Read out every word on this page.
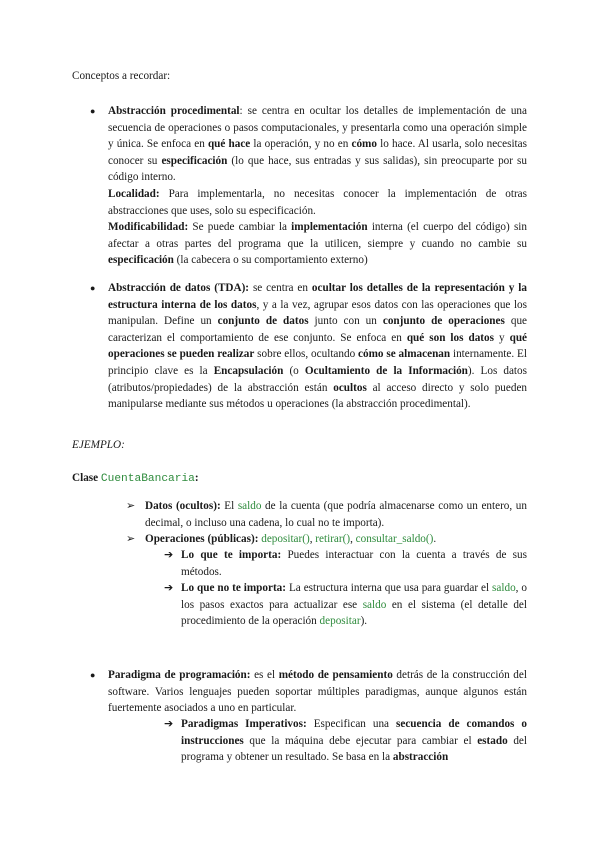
Conceptos a recordar:

● Abstracción procedimental: se centra en ocultar los detalles de implementación de una secuencia de operaciones o pasos computacionales, y presentarla como una operación simple y única. Se enfoca en qué hace la operación, y no en cómo lo hace. Al usarla, solo necesitas conocer su especificación (lo que hace, sus entradas y sus salidas), sin preocuparte por su código interno.

Localidad: Para implementarla, no necesitas conocer la implementación de otras abstracciones que uses, solo su especificación.

Modificabilidad: Se puede cambiar la implementación interna (el cuerpo del código) sin afectar a otras partes del programa que la utilicen, siempre y cuando no cambie su especificación (la cabecera o su comportamiento externo)

● Abstracción de datos (TDA): se centra en ocultar los detalles de la representación y la estructura interna de los datos, y a la vez, agrupar esos datos con las operaciones que los manipulan. Define un conjunto de datos junto con un conjunto de operaciones que caracterizan el comportamiento de ese conjunto. Se enfoca en qué son los datos y qué operaciones se pueden realizar sobre ellos, ocultando cómo se almacenan internamente. El principio clave es la Encapsulación (o Ocultamiento de la Información). Los datos (atributos/propiedades) de la abstracción están ocultos al acceso directo y solo pueden manipularse mediante sus métodos u operaciones (la abstracción procedimental).

EJEMPLO:

Clase CuentaBancaria:

➢ Datos (ocultos): El saldo de la cuenta (que podría almacenarse como un entero, un decimal, o incluso una cadena, lo cual no te importa).

➢ Operaciones (públicas): depositar(), retirar(), consultar_saldo().

➔ Lo que te importa: Puedes interactuar con la cuenta a través de sus métodos.

➔ Lo que no te importa: La estructura interna que usa para guardar el saldo, o los pasos exactos para actualizar ese saldo en el sistema (el detalle del procedimiento de la operación depositar).

● Paradigma de programación: es el método de pensamiento detrás de la construcción del software. Varios lenguajes pueden soportar múltiples paradigmas, aunque algunos están fuertemente asociados a uno en particular.

➔ Paradigmas Imperativos: Especifican una secuencia de comandos o instrucciones que la máquina debe ejecutar para cambiar el estado del programa y obtener un resultado. Se basa en la abstracción
